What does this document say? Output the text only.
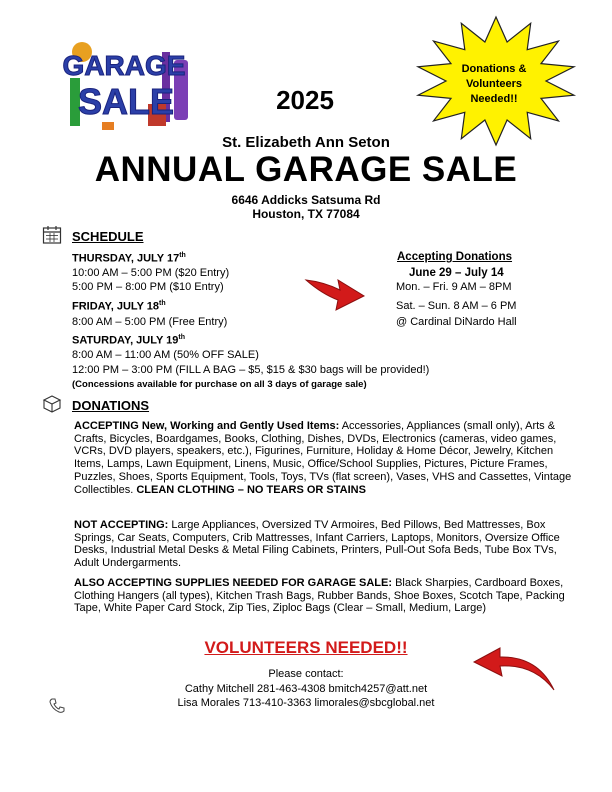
GARAGE
SALE	2025
Donations &
Volunteers
Needed!!
St. Elizabeth Ann Seton
ANNUAL GARAGE SALE
6646 Addicks Satsuma Rd
Houston, TX 77084
SCHEDULE
THURSDAY, JULY 17th
10:00 AM – 5:00 PM ($20 Entry)
5:00 PM – 8:00 PM ($10 Entry)
FRIDAY, JULY 18th
8:00 AM – 5:00 PM (Free Entry)
SATURDAY, JULY 19th
8:00 AM – 11:00 AM (50% OFF SALE)
12:00 PM – 3:00 PM (FILL A BAG – $5, $15 & $30 bags will be provided!)
(Concessions available for purchase on all 3 days of garage sale)
Accepting Donations
June 29 – July 14
Mon. – Fri. 9 AM – 8PM
Sat. – Sun. 8 AM – 6 PM
@ Cardinal DiNardo Hall
DONATIONS
ACCEPTING New, Working and Gently Used Items: Accessories, Appliances (small only), Arts & Crafts, Bicycles, Boardgames, Books, Clothing, Dishes, DVDs, Electronics (cameras, video games, VCRs, DVD players, speakers, etc.), Figurines, Furniture, Holiday & Home Décor, Jewelry, Kitchen Items, Lamps, Lawn Equipment, Linens, Music, Office/School Supplies, Pictures, Picture Frames, Puzzles, Shoes, Sports Equipment, Tools, Toys, TVs (flat screen), Vases, VHS and Cassettes, Vintage Collectibles. CLEAN CLOTHING – NO TEARS OR STAINS
NOT ACCEPTING: Large Appliances, Oversized TV Armoires, Bed Pillows, Bed Mattresses, Box Springs, Car Seats, Computers, Crib Mattresses, Infant Carriers, Laptops, Monitors, Oversize Office Desks, Industrial Metal Desks & Metal Filing Cabinets, Printers, Pull-Out Sofa Beds, Tube Box TVs, Adult Undergarments.
ALSO ACCEPTING SUPPLIES NEEDED FOR GARAGE SALE: Black Sharpies, Cardboard Boxes, Clothing Hangers (all types), Kitchen Trash Bags, Rubber Bands, Shoe Boxes, Scotch Tape, Packing Tape, White Paper Card Stock, Zip Ties, Ziploc Bags (Clear – Small, Medium, Large)
VOLUNTEERS NEEDED!!
Please contact:
Cathy Mitchell 281-463-4308 bmitch4257@att.net
Lisa Morales 713-410-3363 limorales@sbcglobal.net
